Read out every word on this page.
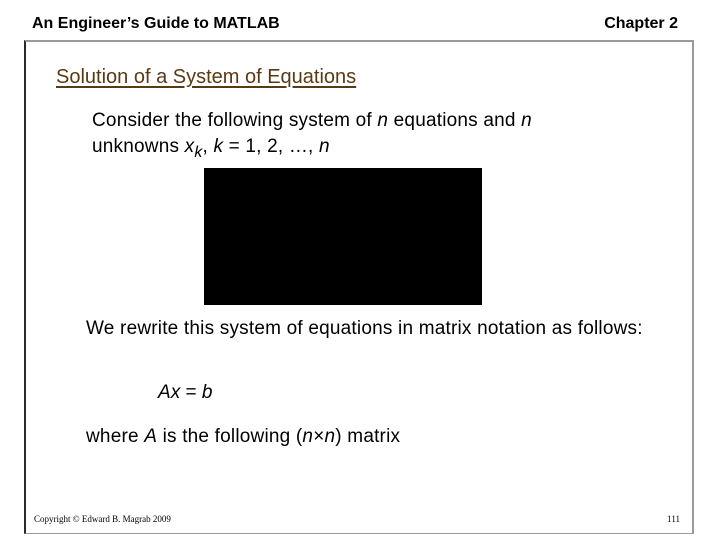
An Engineer’s Guide to MATLAB	Chapter 2
Solution of a System of Equations
Consider the following system of n equations and n
unknowns $x_k$, k = 1, 2, …, n
We rewrite this system of equations in matrix notation as follows:
Ax = b
where A is the following (n×n) matrix
Copyright © Edward B. Magrab 2009	111
